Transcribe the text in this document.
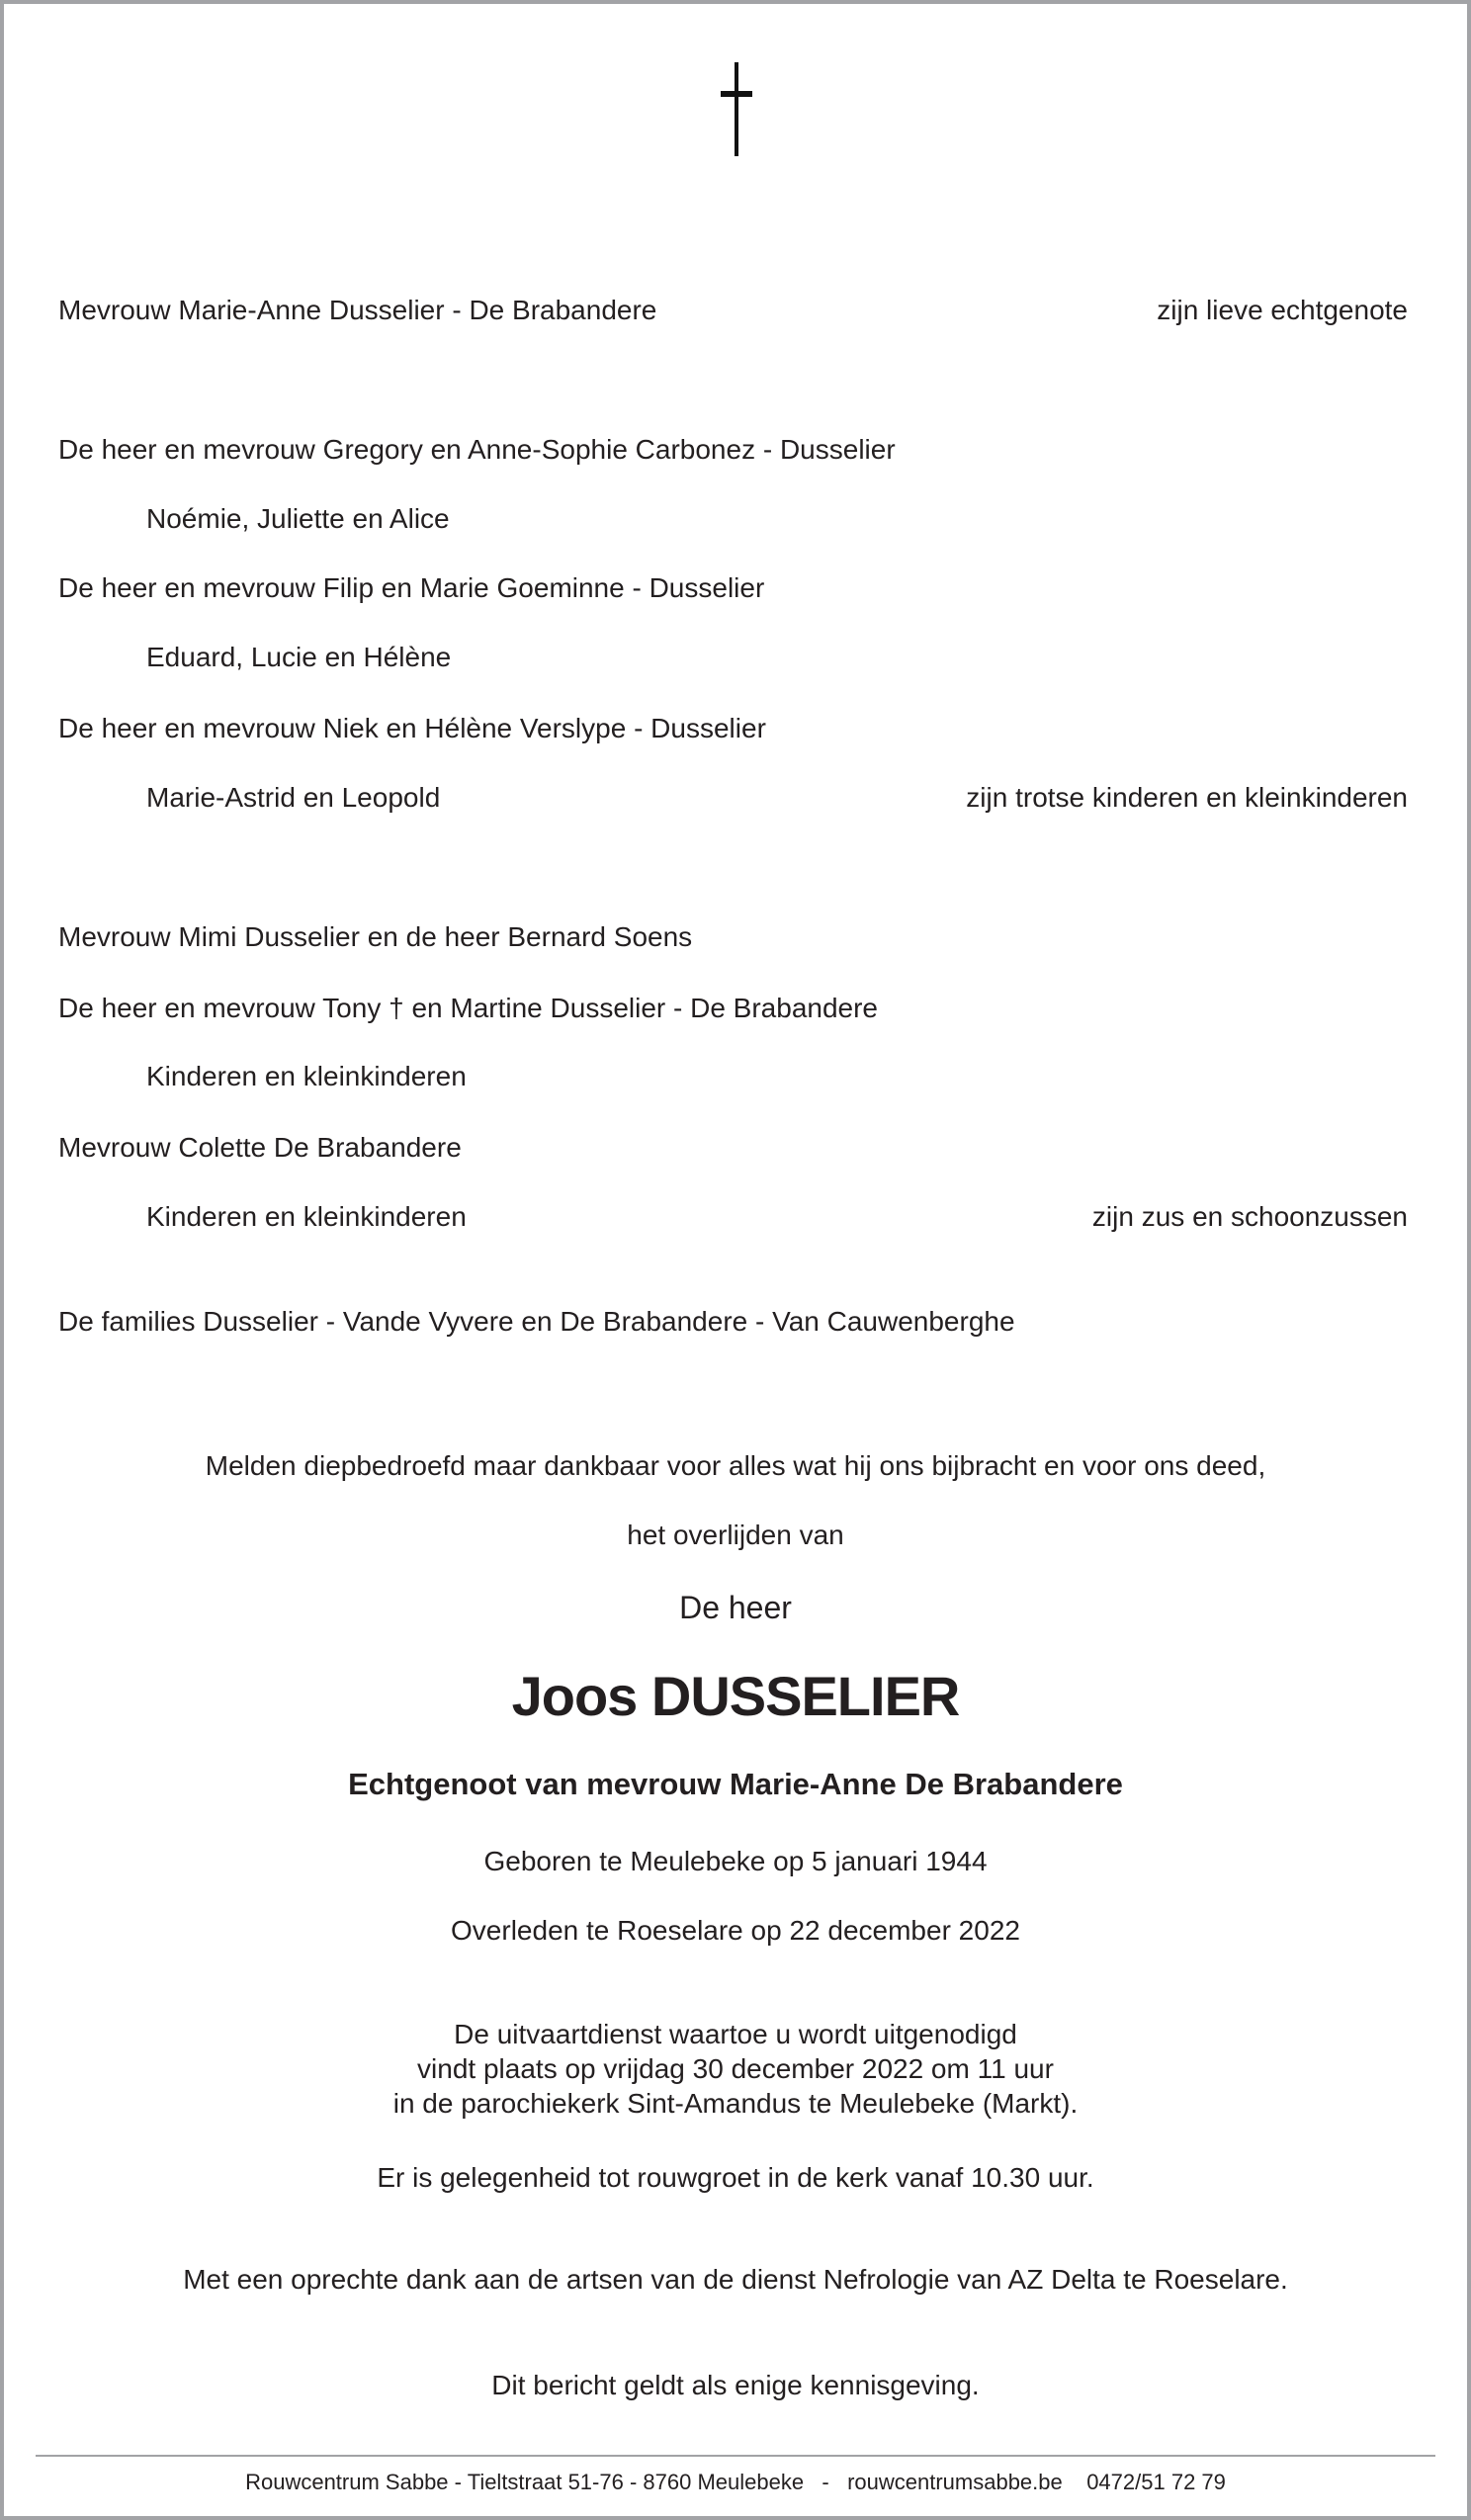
Mevrouw Marie-Anne Dusselier - De Brabandere	zijn lieve echtgenote
De heer en mevrouw Gregory en Anne-Sophie Carbonez - Dusselier
Noémie, Juliette en Alice
De heer en mevrouw Filip en Marie Goeminne - Dusselier
Eduard, Lucie en Hélène
De heer en mevrouw Niek en Hélène Verslype - Dusselier
Marie-Astrid en Leopold	zijn trotse kinderen en kleinkinderen
Mevrouw Mimi Dusselier en de heer Bernard Soens
De heer en mevrouw Tony † en Martine Dusselier - De Brabandere
Kinderen en kleinkinderen
Mevrouw Colette De Brabandere
Kinderen en kleinkinderen	zijn zus en schoonzussen
De families Dusselier - Vande Vyvere en De Brabandere - Van Cauwenberghe
Melden diepbedroefd maar dankbaar voor alles wat hij ons bijbracht en voor ons deed,
het overlijden van
De heer
Joos DUSSELIER
Echtgenoot van mevrouw Marie-Anne De Brabandere
Geboren te Meulebeke op 5 januari 1944
Overleden te Roeselare op 22 december 2022
De uitvaartdienst waartoe u wordt uitgenodigd
vindt plaats op vrijdag 30 december 2022 om 11 uur
in de parochiekerk Sint-Amandus te Meulebeke (Markt).
Er is gelegenheid tot rouwgroet in de kerk vanaf 10.30 uur.
Met een oprechte dank aan de artsen van de dienst Nefrologie van AZ Delta te Roeselare.
Dit bericht geldt als enige kennisgeving.
Rouwcentrum Sabbe - Tieltstraat 51-76 - 8760 Meulebeke   -   rouwcentrumsabbe.be    0472/51 72 79
